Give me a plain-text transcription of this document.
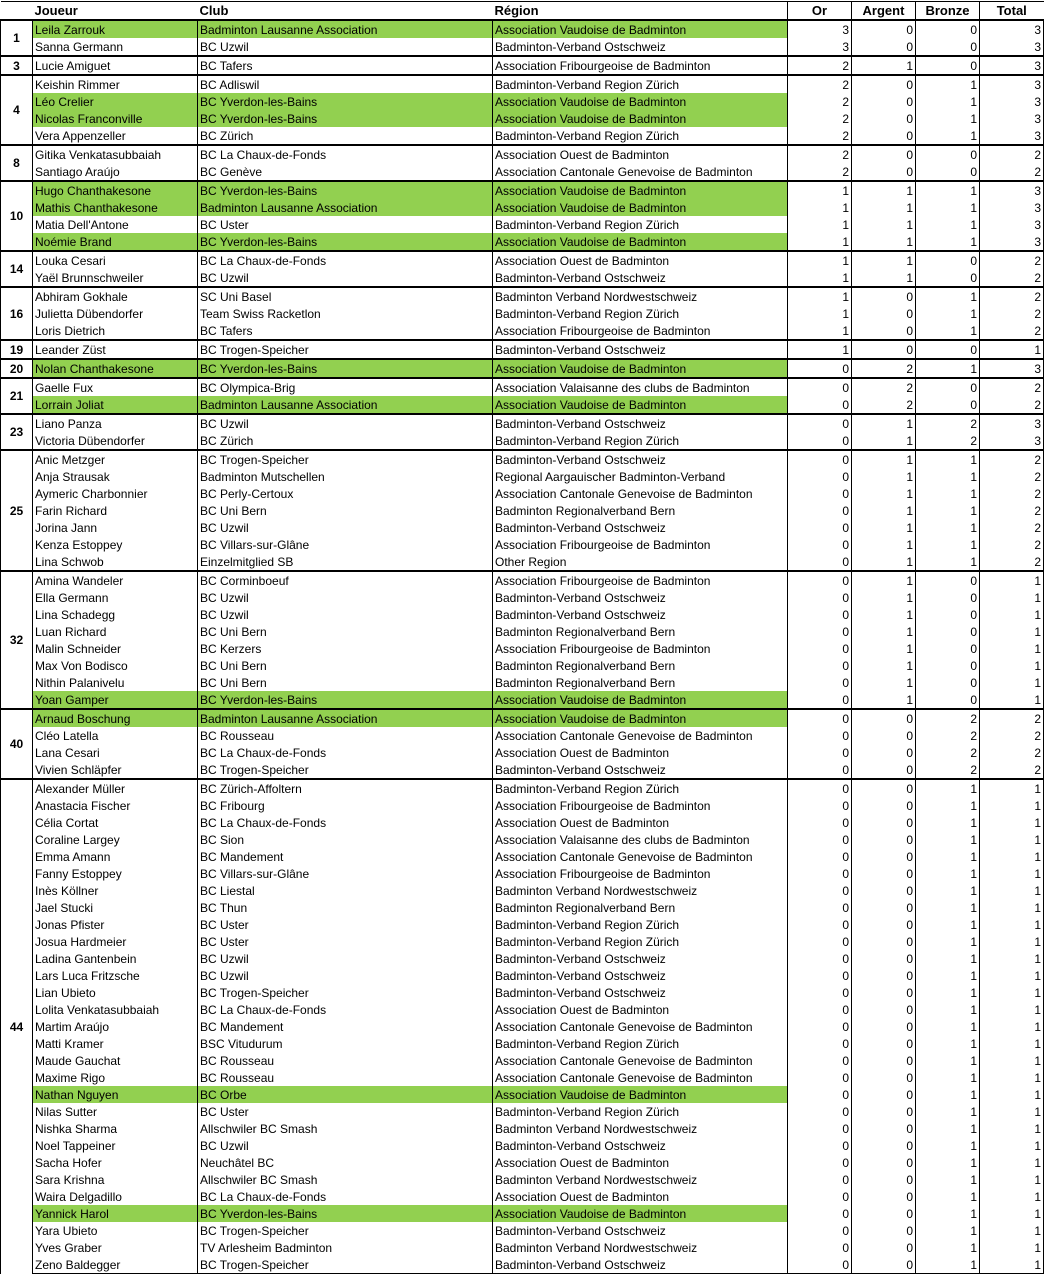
	Joueur	Club	Région	Or	Argent	Bronze	Total
1	Leila Zarrouk	Badminton Lausanne Association	Association Vaudoise de Badminton	3	0	0	3
	Sanna Germann	BC Uzwil	Badminton-Verband Ostschweiz	3	0	0	3
3	Lucie Amiguet	BC Tafers	Association Fribourgeoise de Badminton	2	1	0	3
4	Keishin Rimmer	BC Adliswil	Badminton-Verband Region Zürich	2	0	1	3
	Léo Crelier	BC Yverdon-les-Bains	Association Vaudoise de Badminton	2	0	1	3
	Nicolas Franconville	BC Yverdon-les-Bains	Association Vaudoise de Badminton	2	0	1	3
	Vera Appenzeller	BC Zürich	Badminton-Verband Region Zürich	2	0	1	3
8	Gitika Venkatasubbaiah	BC La Chaux-de-Fonds	Association Ouest de Badminton	2	0	0	2
	Santiago Araújo	BC Genève	Association Cantonale Genevoise de Badminton	2	0	0	2
10	Hugo Chanthakesone	BC Yverdon-les-Bains	Association Vaudoise de Badminton	1	1	1	3
	Mathis Chanthakesone	Badminton Lausanne Association	Association Vaudoise de Badminton	1	1	1	3
	Matia Dell'Antone	BC Uster	Badminton-Verband Region Zürich	1	1	1	3
	Noémie Brand	BC Yverdon-les-Bains	Association Vaudoise de Badminton	1	1	1	3
14	Louka Cesari	BC La Chaux-de-Fonds	Association Ouest de Badminton	1	1	0	2
	Yaël Brunnschweiler	BC Uzwil	Badminton-Verband Ostschweiz	1	1	0	2
16	Abhiram Gokhale	SC Uni Basel	Badminton Verband Nordwestschweiz	1	0	1	2
	Julietta Dübendorfer	Team Swiss Racketlon	Badminton-Verband Region Zürich	1	0	1	2
	Loris Dietrich	BC Tafers	Association Fribourgeoise de Badminton	1	0	1	2
19	Leander Züst	BC Trogen-Speicher	Badminton-Verband Ostschweiz	1	0	0	1
20	Nolan Chanthakesone	BC Yverdon-les-Bains	Association Vaudoise de Badminton	0	2	1	3
21	Gaelle Fux	BC Olympica-Brig	Association Valaisanne des clubs de Badminton	0	2	0	2
	Lorrain Joliat	Badminton Lausanne Association	Association Vaudoise de Badminton	0	2	0	2
23	Liano Panza	BC Uzwil	Badminton-Verband Ostschweiz	0	1	2	3
	Victoria Dübendorfer	BC Zürich	Badminton-Verband Region Zürich	0	1	2	3
25	Anic Metzger	BC Trogen-Speicher	Badminton-Verband Ostschweiz	0	1	1	2
	Anja Strausak	Badminton Mutschellen	Regional Aargauischer Badminton-Verband	0	1	1	2
	Aymeric Charbonnier	BC Perly-Certoux	Association Cantonale Genevoise de Badminton	0	1	1	2
	Farin Richard	BC Uni Bern	Badminton Regionalverband Bern	0	1	1	2
	Jorina Jann	BC Uzwil	Badminton-Verband Ostschweiz	0	1	1	2
	Kenza Estoppey	BC Villars-sur-Glâne	Association Fribourgeoise de Badminton	0	1	1	2
	Lina Schwob	Einzelmitglied SB	Other Region	0	1	1	2
32	Amina Wandeler	BC Corminboeuf	Association Fribourgeoise de Badminton	0	1	0	1
	Ella Germann	BC Uzwil	Badminton-Verband Ostschweiz	0	1	0	1
	Lina Schadegg	BC Uzwil	Badminton-Verband Ostschweiz	0	1	0	1
	Luan Richard	BC Uni Bern	Badminton Regionalverband Bern	0	1	0	1
	Malin Schneider	BC Kerzers	Association Fribourgeoise de Badminton	0	1	0	1
	Max Von Bodisco	BC Uni Bern	Badminton Regionalverband Bern	0	1	0	1
	Nithin Palanivelu	BC Uni Bern	Badminton Regionalverband Bern	0	1	0	1
	Yoan Gamper	BC Yverdon-les-Bains	Association Vaudoise de Badminton	0	1	0	1
40	Arnaud Boschung	Badminton Lausanne Association	Association Vaudoise de Badminton	0	0	2	2
	Cléo Latella	BC Rousseau	Association Cantonale Genevoise de Badminton	0	0	2	2
	Lana Cesari	BC La Chaux-de-Fonds	Association Ouest de Badminton	0	0	2	2
	Vivien Schläpfer	BC Trogen-Speicher	Badminton-Verband Ostschweiz	0	0	2	2
44	Alexander Müller	BC Zürich-Affoltern	Badminton-Verband Region Zürich	0	0	1	1
	Anastacia Fischer	BC Fribourg	Association Fribourgeoise de Badminton	0	0	1	1
	Célia Cortat	BC La Chaux-de-Fonds	Association Ouest de Badminton	0	0	1	1
	Coraline Largey	BC Sion	Association Valaisanne des clubs de Badminton	0	0	1	1
	Emma Amann	BC Mandement	Association Cantonale Genevoise de Badminton	0	0	1	1
	Fanny Estoppey	BC Villars-sur-Glâne	Association Fribourgeoise de Badminton	0	0	1	1
	Inès Köllner	BC Liestal	Badminton Verband Nordwestschweiz	0	0	1	1
	Jael Stucki	BC Thun	Badminton Regionalverband Bern	0	0	1	1
	Jonas Pfister	BC Uster	Badminton-Verband Region Zürich	0	0	1	1
	Josua Hardmeier	BC Uster	Badminton-Verband Region Zürich	0	0	1	1
	Ladina Gantenbein	BC Uzwil	Badminton-Verband Ostschweiz	0	0	1	1
	Lars Luca Fritzsche	BC Uzwil	Badminton-Verband Ostschweiz	0	0	1	1
	Lian Ubieto	BC Trogen-Speicher	Badminton-Verband Ostschweiz	0	0	1	1
	Lolita Venkatasubbaiah	BC La Chaux-de-Fonds	Association Ouest de Badminton	0	0	1	1
	Martim Araújo	BC Mandement	Association Cantonale Genevoise de Badminton	0	0	1	1
	Matti Kramer	BSC Vitudurum	Badminton-Verband Region Zürich	0	0	1	1
	Maude Gauchat	BC Rousseau	Association Cantonale Genevoise de Badminton	0	0	1	1
	Maxime Rigo	BC Rousseau	Association Cantonale Genevoise de Badminton	0	0	1	1
	Nathan Nguyen	BC Orbe	Association Vaudoise de Badminton	0	0	1	1
	Nilas Sutter	BC Uster	Badminton-Verband Region Zürich	0	0	1	1
	Nishka Sharma	Allschwiler BC Smash	Badminton Verband Nordwestschweiz	0	0	1	1
	Noel Tappeiner	BC Uzwil	Badminton-Verband Ostschweiz	0	0	1	1
	Sacha Hofer	Neuchâtel BC	Association Ouest de Badminton	0	0	1	1
	Sara Krishna	Allschwiler BC Smash	Badminton Verband Nordwestschweiz	0	0	1	1
	Waira Delgadillo	BC La Chaux-de-Fonds	Association Ouest de Badminton	0	0	1	1
	Yannick Harol	BC Yverdon-les-Bains	Association Vaudoise de Badminton	0	0	1	1
	Yara Ubieto	BC Trogen-Speicher	Badminton-Verband Ostschweiz	0	0	1	1
	Yves Graber	TV Arlesheim Badminton	Badminton Verband Nordwestschweiz	0	0	1	1
	Zeno Baldegger	BC Trogen-Speicher	Badminton-Verband Ostschweiz	0	0	1	1
